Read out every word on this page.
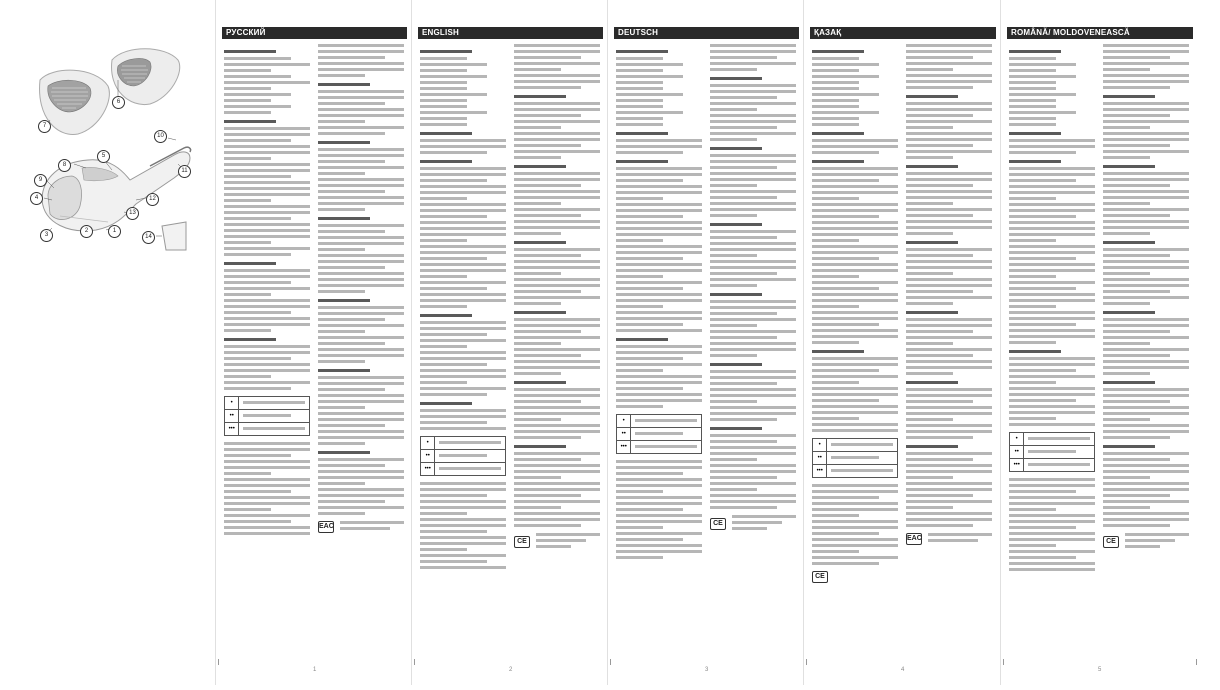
6
7
5
8
9
4	12
13
1
2
3
10
11
14
РУССКИЙ
•
••
•••
EAC
1
ENGLISH
•
••
•••
CE
2
DEUTSCH
•
••
•••
CE
3
ҚАЗАҚ
•
••
•••
CE
EAC
4
ROMÂNĂ/ MOLDOVENEASCĂ
•
••
•••
CE
5
